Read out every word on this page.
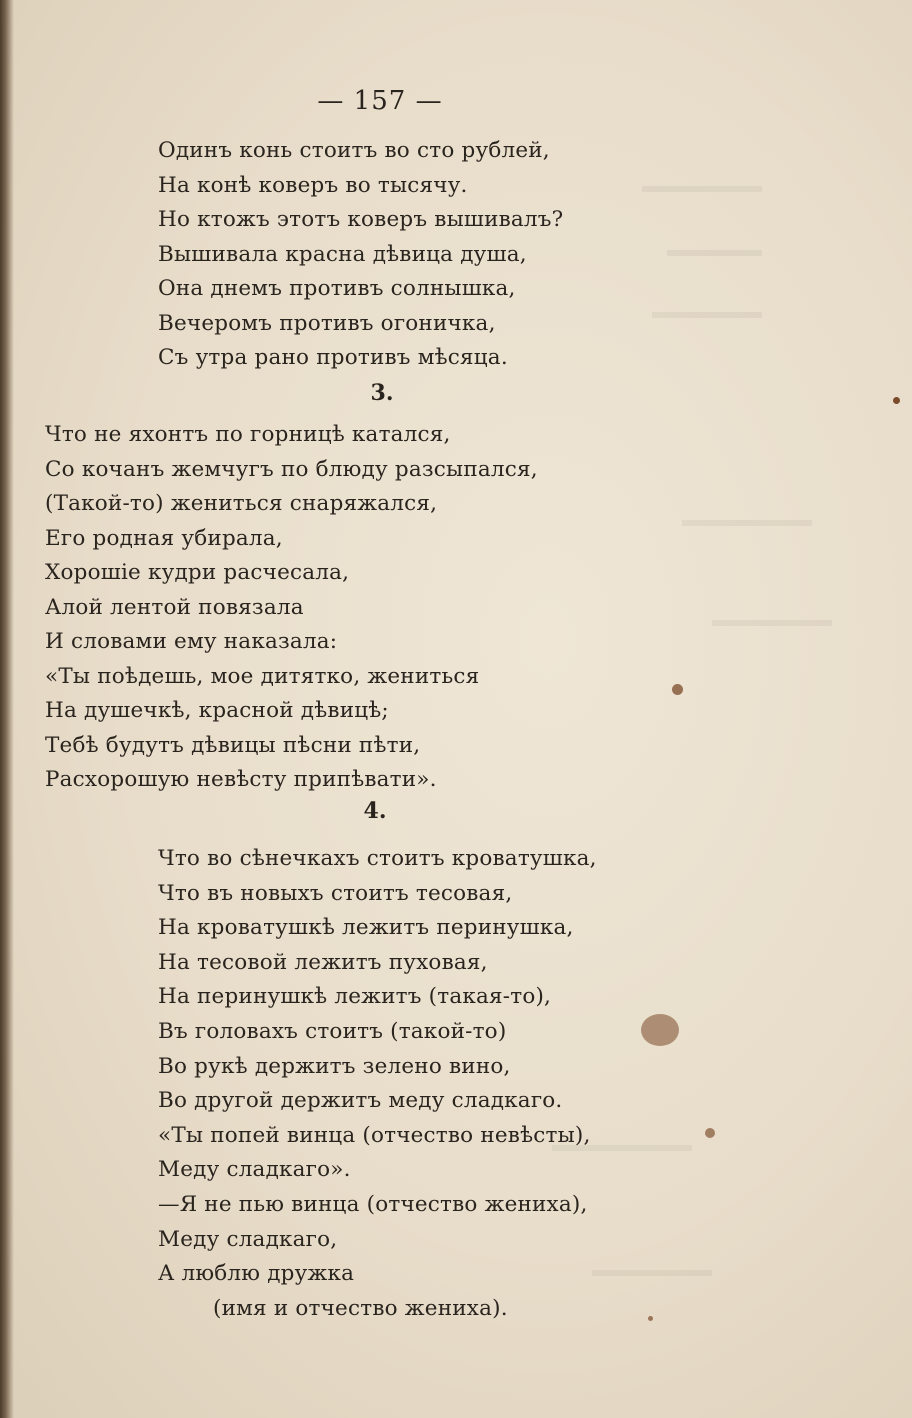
— 157 —
Одинъ конь стоитъ во сто рублей,
На конѣ коверъ во тысячу.
Но ктожъ этотъ коверъ вышивалъ?
Вышивала красна дѣвица душа,
Она днемъ противъ солнышка,
Вечеромъ противъ огоничка,
Съ утра рано противъ мѣсяца.
3.
Что не яхонтъ по горницѣ катался,
Со кочанъ жемчугъ по блюду разсыпался,
(Такой-то) жениться снаряжался,
Его родная убирала,
Хорошіе кудри расчесала,
Алой лентой повязала
И словами ему наказала:
«Ты поѣдешь, мое дитятко, жениться
На душечкѣ, красной дѣвицѣ;
Тебѣ будутъ дѣвицы пѣсни пѣти,
Расхорошую невѣсту припѣвати».
4.
Что во сѣнечкахъ стоитъ кроватушка,
Что въ новыхъ стоитъ тесовая,
На кроватушкѣ лежитъ перинушка,
На тесовой лежитъ пуховая,
На перинушкѣ лежитъ (такая-то),
Въ головахъ стоитъ (такой-то)
Во рукѣ держитъ зелено вино,
Во другой держитъ меду сладкаго.
«Ты попей винца (отчество невѣсты),
Меду сладкаго».
—Я не пью винца (отчество жениха),
Меду сладкаго,
А люблю дружка
(имя и отчество жениха).
